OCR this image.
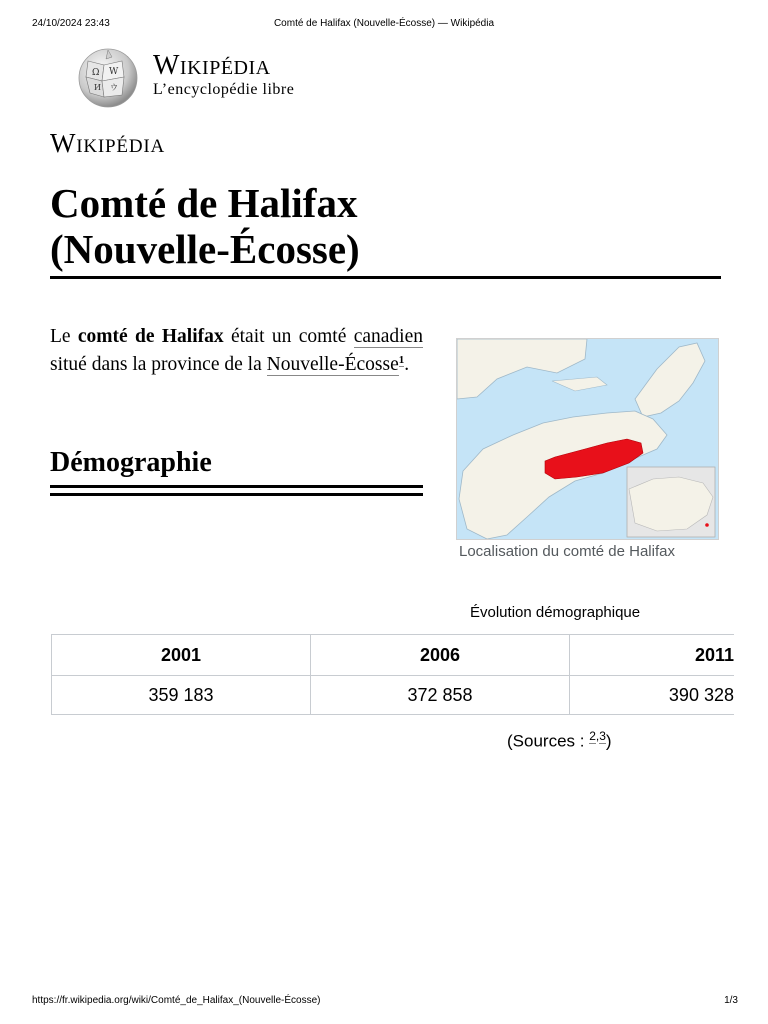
24/10/2024 23:43	Comté de Halifax (Nouvelle-Écosse) — Wikipédia
Ω W
И ウ
Wikipédia
L’encyclopédie libre
Wikipédia
Comté de Halifax
(Nouvelle-Écosse)

Le comté de Halifax était un comté canadien situé dans la province de la Nouvelle-Écosse$^1$.

Démographie
Localisation du comté de Halifax
Évolution démographique
2001	2006	2011
359 183	372 858	390 328
(Sources : $^{2,3}$)
https://fr.wikipedia.org/wiki/Comté_de_Halifax_(Nouvelle-Écosse)	1/3
